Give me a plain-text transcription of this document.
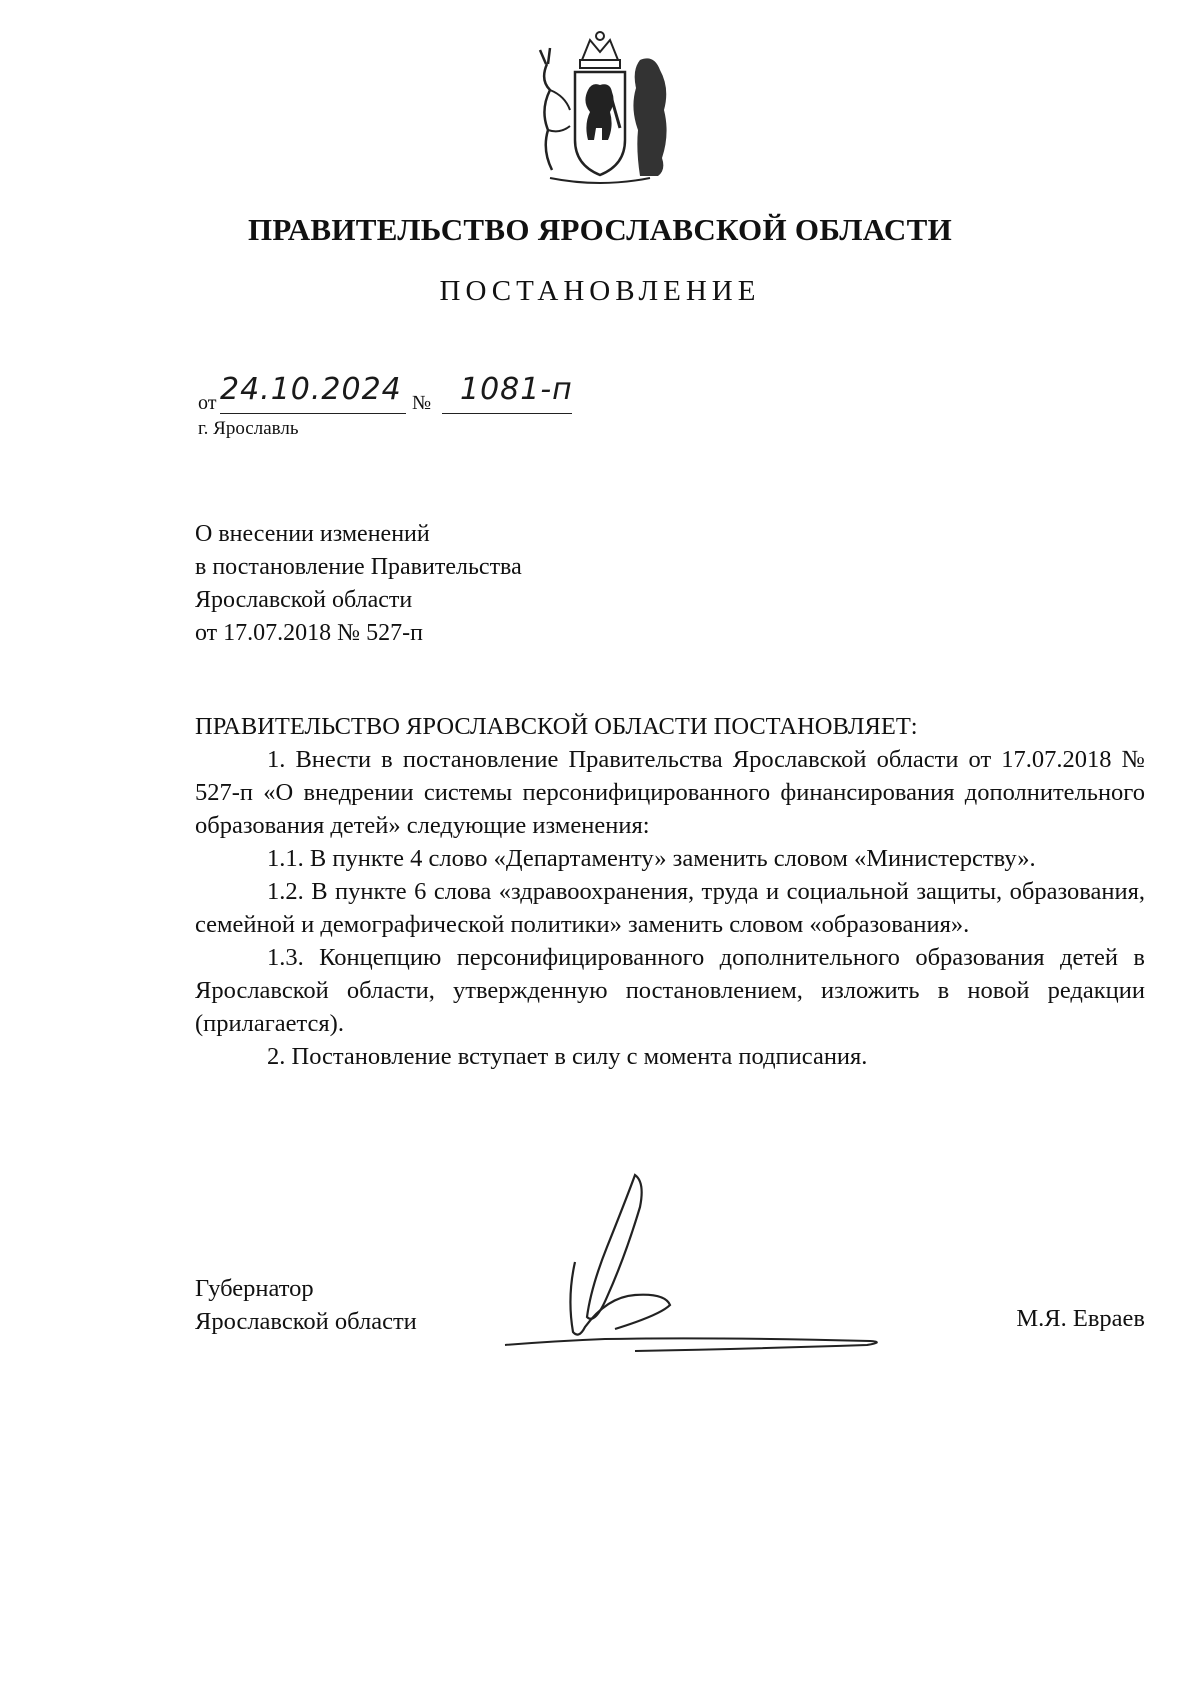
ПРАВИТЕЛЬСТВО ЯРОСЛАВСКОЙ ОБЛАСТИ
ПОСТАНОВЛЕНИЕ
от 24.10.2024 № 1081-п
г. Ярославль
О внесении изменений
в постановление Правительства
Ярославской области
от 17.07.2018 № 527-п
ПРАВИТЕЛЬСТВО ЯРОСЛАВСКОЙ ОБЛАСТИ ПОСТАНОВЛЯЕТ:

1. Внести в постановление Правительства Ярославской области от 17.07.2018 № 527-п «О внедрении системы персонифицированного финансирования дополнительного образования детей» следующие изменения:

1.1. В пункте 4 слово «Департаменту» заменить словом «Министерству».

1.2. В пункте 6 слова «здравоохранения, труда и социальной защиты, образования, семейной и демографической политики» заменить словом «образования».

1.3. Концепцию персонифицированного дополнительного образования детей в Ярославской области, утвержденную постановлением, изложить в новой редакции (прилагается).

2. Постановление вступает в силу с момента подписания.

Губернатор
Ярославской области	М.Я. Евраев
